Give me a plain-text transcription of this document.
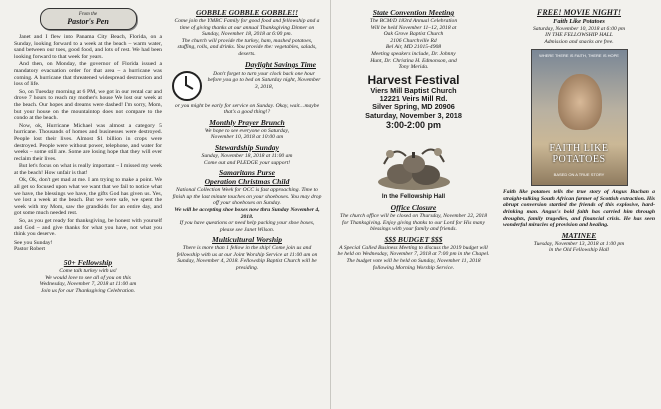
From the
Pastor's Pen

Janet and I flew into Panama City Beach, Florida, on a Sunday, looking forward to a week at the beach – warm water, sand between our toes, good food, and lots of rest. We had been looking forward to that week for years.

And then, on Monday, the governor of Florida issued a mandatory evacuation order for that area – a hurricane was coming. A hurricane that threatened widespread destruction and loss of life.

So, on Tuesday morning at 6 PM, we got in our rental car and drove 7 hours to reach my mother's house We lost our week at the beach. Our hopes and dreams were dashed! I'm sorry, Mom, but your house on the mountaintop does not compare to the condo at the beach.

Now, ok, Hurricane Michael was almost a category 5 hurricane. Thousands of homes and businesses were destroyed. People lost their lives. Almost $1 billion in crops were destroyed. People were without power, telephone, and water for weeks – some still are. Some are losing hope that they will ever reclaim their lives.

But let's focus on what is really important – I missed my week at the beach! How unfair is that!

Ok, Ok, don't get mad at me. I am trying to make a point. We all get so focused upon what we want that we fail to notice what we have, the blessings we have, the gifts God has given us. Yes, we lost a week at the beach. But we were safe, we spent the week with my Mom, saw the grandkids for an entire day, and got some much needed rest.

So, as you get ready for thanksgiving, be honest with yourself and God – and give thanks for what you have, not what you think you deserve.

See you Sunday!
Pastor Robert
50+ Fellowship
Come talk turkey with us!
We would love to see all of you on this
Wednesday, November 7, 2018 at 11:00 am
Join us for our Thanksgiving Celebration.
GOBBLE GOBBLE GOBBLE!!
Come join the YMBC Family for good food and fellowship and a time of giving thanks at our annual Thanksgiving Dinner on Sunday, November 18, 2018 at 6:00 pm.
The church will provide the turkey, ham, mashed potatoes, stuffing, rolls, and drinks. You provide the: vegetables, salads, deserts.
Daylight Savings Time
Don't forget to turn your clock back one hour before you go to bed on Saturday night, November 3, 2018,
or you might be early for service on Sunday. Okay, wait…maybe that's a good thing!?
Monthly Prayer Brunch
We hope to see everyone on Saturday,
November 10, 2018 at 10:00 am
Stewardship Sunday
Sunday, November 18, 2018 at 11:00 am
Come out and PLEDGE your support!
Samaritans Purse
Operation Christmas Child
National Collection Week for OCC is fast approaching. Time to finish up the last minute touches on your shoeboxes. You may drop off your shoeboxes on Sunday.
We will be accepting shoe boxes now thru Sunday November 4, 2018.
If you have questions or need help packing your shoe boxes, please see Janet Wilson.
Multicultural Worship
There is more than 1 fellow in the ship! Come join us and fellowship with us at our Joint Worship Service at 11:00 am on Sunday, November 4, 2018. Fellowship Baptist Church will be presiding.
State Convention Meeting
The BCM/D 183rd Annual Celebration
Will be held November 11–12, 2018 at
Oak Grove Baptist Church
2106 Churchville Rd
Bel Air, MD 21015-4908
Meeting speakers include, Dr. Johnny
Hunt, Dr. Christina H. Edmonson, and
Tony Merida.
Harvest Festival
Viers Mill Baptist Church
12221 Veirs Mill Rd.
Silver Spring, MD 20906
Saturday, November 3, 2018
3:00-2:00 pm
In the Fellowship Hall
Office Closure
The church office will be closed on Thursday, November 22, 2018 for Thanksgiving. Enjoy giving thanks to our Lord for His many blessings with your family and friends.
$$$ BUDGET $$$
A Special Called Business Meeting to discuss the 2019 budget will be held on Wednesday, November 7, 2018 at 7:00 pm in the Chapel. The budget vote will be held on Sunday, November 11, 2018 following Morning Worship Service.
FREE! MOVIE NIGHT!
Faith Like Potatoes
Saturday, November 10, 2018 at 6:00 pm
IN THE FELLOWSHIP HALL
Admission and snacks are free.
WHERE THERE IS FAITH, THERE IS HOPE
FAITH LIKE POTATOES
BASED ON A TRUE STORY
Faith like potatoes tells the true story of Angus Buchan a straight-talking South African farmer of Scottish extraction. His abrupt conversion startled the friends of this explosive, hard-drinking man. Angus's bold faith has carried him through droughts, family tragedies, and financial crisis. He has seen wonderful miracles of provision and healing.
MATINEE
Tuesday, November 13, 2018 at 1:00 pm
in the Old Fellowship Hall
